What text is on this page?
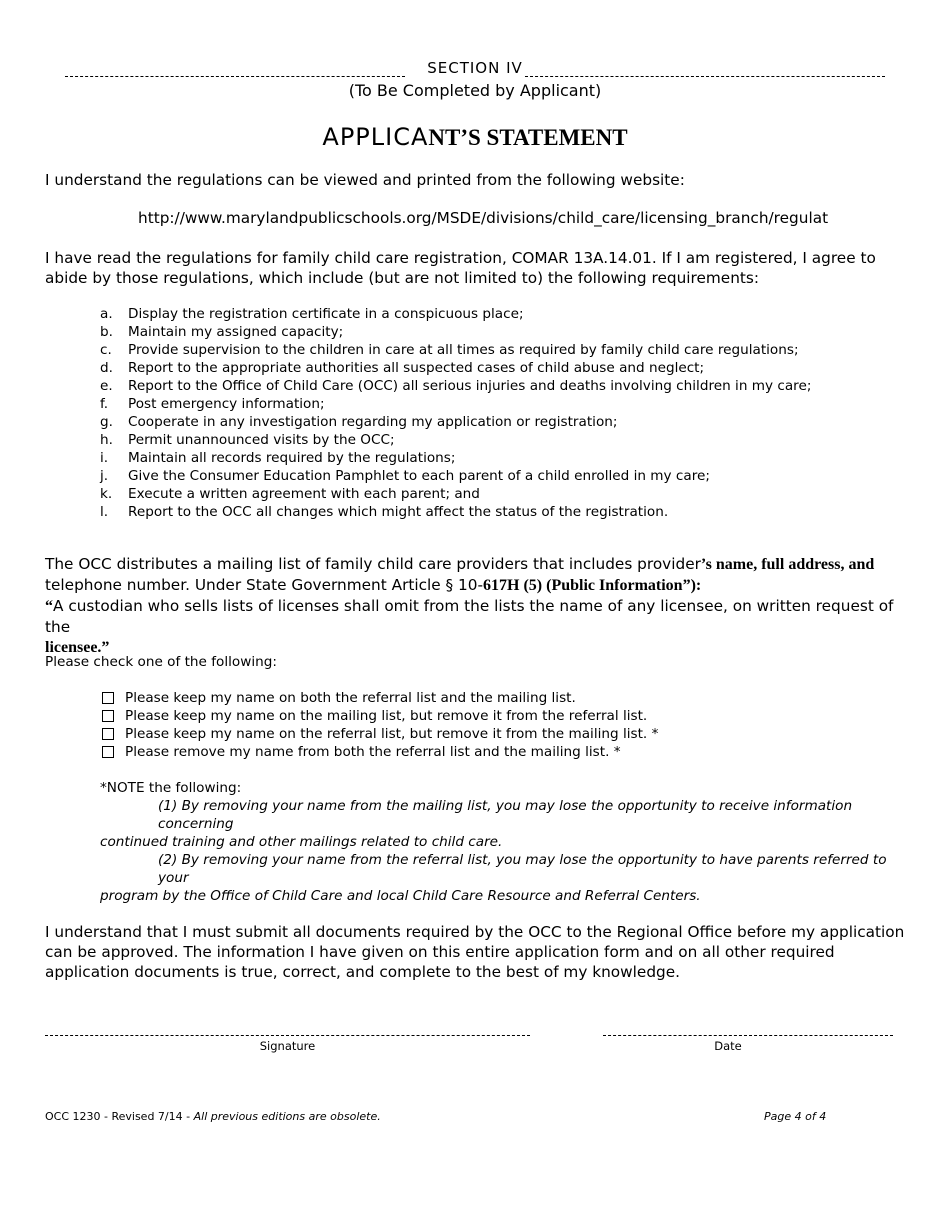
SECTION IV
(To Be Completed by Applicant)
APPLICANT’S STATEMENT
I understand the regulations can be viewed and printed from the following website:
http://www.marylandpublicschools.org/MSDE/divisions/child_care/licensing_branch/regulat
I have read the regulations for family child care registration, COMAR 13A.14.01. If I am registered, I agree to abide by those regulations, which include (but are not limited to) the following requirements:
a.	Display the registration certificate in a conspicuous place;
b.	Maintain my assigned capacity;
c.	Provide supervision to the children in care at all times as required by family child care regulations;
d.	Report to the appropriate authorities all suspected cases of child abuse and neglect;
e.	Report to the Office of Child Care (OCC) all serious injuries and deaths involving children in my care;
f.	Post emergency information;
g.	Cooperate in any investigation regarding my application or registration;
h.	Permit unannounced visits by the OCC;
i.	Maintain all records required by the regulations;
j.	Give the Consumer Education Pamphlet to each parent of a child enrolled in my care;
k.	Execute a written agreement with each parent; and
l.	Report to the OCC all changes which might affect the status of the registration.
The OCC distributes a mailing list of family child care providers that includes provider’s name, full address, and
telephone number. Under State Government Article § 10-617H (5) (Public Information”):
“A custodian who sells lists of licenses shall omit from the lists the name of any licensee, on written request of the
licensee.”
Please check one of the following:
Please keep my name on both the referral list and the mailing list.
Please keep my name on the mailing list, but remove it from the referral list.
Please keep my name on the referral list, but remove it from the mailing list. *
Please remove my name from both the referral list and the mailing list. *
*NOTE the following:
(1) By removing your name from the mailing list, you may lose the opportunity to receive information concerning
continued training and other mailings related to child care.
(2) By removing your name from the referral list, you may lose the opportunity to have parents referred to your
program by the Office of Child Care and local Child Care Resource and Referral Centers.
I understand that I must submit all documents required by the OCC to the Regional Office before my application can be approved. The information I have given on this entire application form and on all other required application documents is true, correct, and complete to the best of my knowledge.
Signature	Date
OCC 1230 - Revised 7/14 - All previous editions are obsolete.	Page 4 of 4
